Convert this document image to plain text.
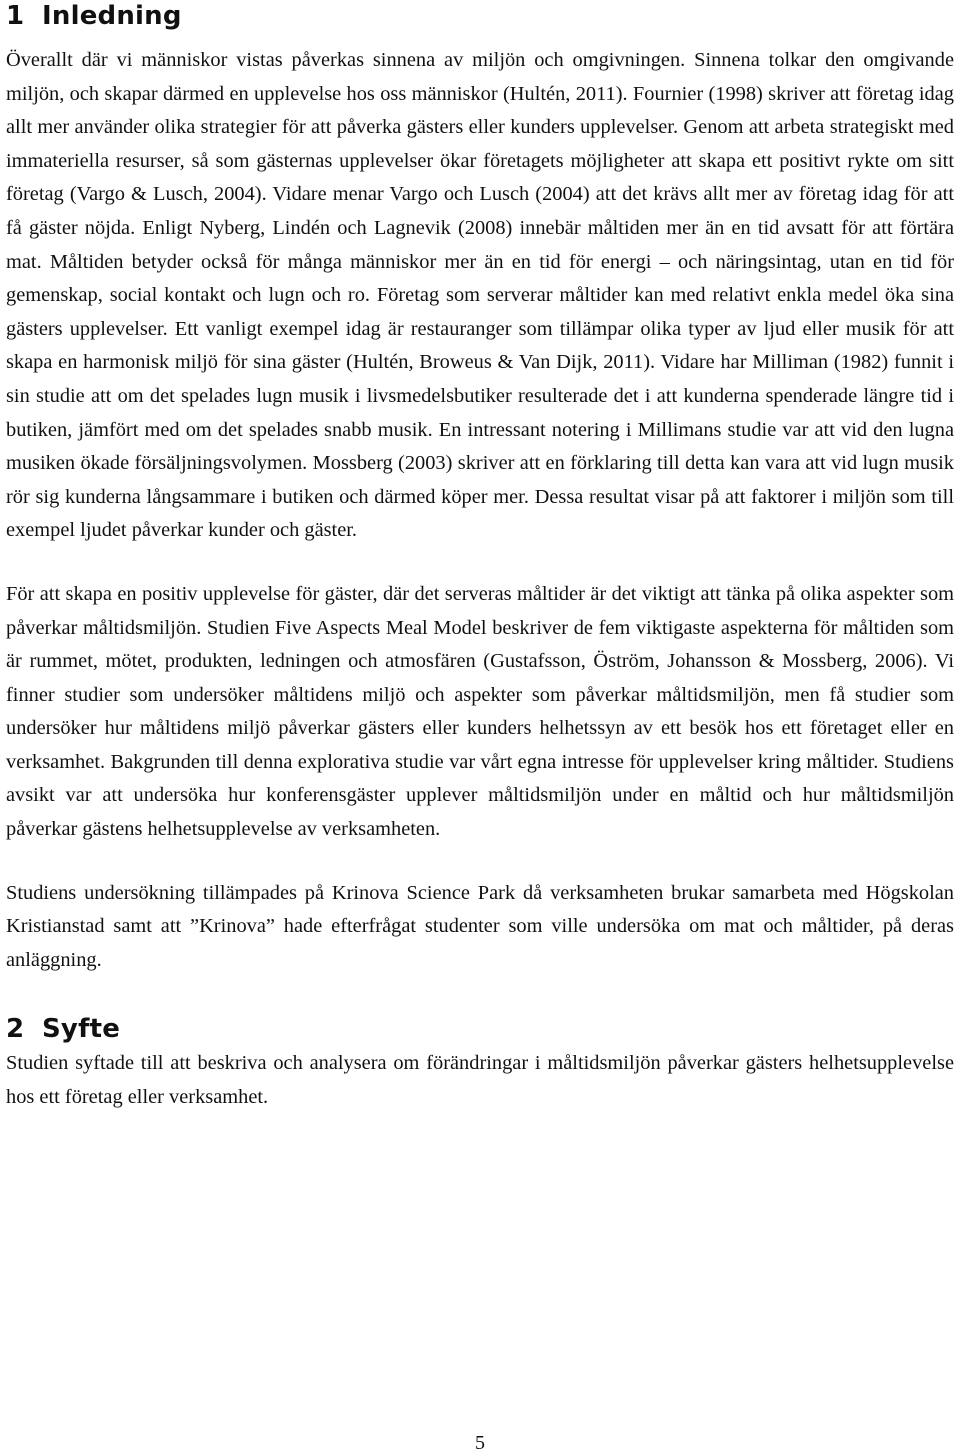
1 Inledning

Överallt där vi människor vistas påverkas sinnena av miljön och omgivningen. Sinnena tolkar den omgivande miljön, och skapar därmed en upplevelse hos oss människor (Hultén, 2011). Fournier (1998) skriver att företag idag allt mer använder olika strategier för att påverka gästers eller kunders upplevelser. Genom att arbeta strategiskt med immateriella resurser, så som gästernas upplevelser ökar företagets möjligheter att skapa ett positivt rykte om sitt företag (Vargo & Lusch, 2004). Vidare menar Vargo och Lusch (2004) att det krävs allt mer av företag idag för att få gäster nöjda. Enligt Nyberg, Lindén och Lagnevik (2008) innebär måltiden mer än en tid avsatt för att förtära mat. Måltiden betyder också för många människor mer än en tid för energi – och näringsintag, utan en tid för gemenskap, social kontakt och lugn och ro. Företag som serverar måltider kan med relativt enkla medel öka sina gästers upplevelser. Ett vanligt exempel idag är restauranger som tillämpar olika typer av ljud eller musik för att skapa en harmonisk miljö för sina gäster (Hultén, Broweus & Van Dijk, 2011). Vidare har Milliman (1982) funnit i sin studie att om det spelades lugn musik i livsmedelsbutiker resulterade det i att kunderna spenderade längre tid i butiken, jämfört med om det spelades snabb musik. En intressant notering i Millimans studie var att vid den lugna musiken ökade försäljningsvolymen. Mossberg (2003) skriver att en förklaring till detta kan vara att vid lugn musik rör sig kunderna långsammare i butiken och därmed köper mer. Dessa resultat visar på att faktorer i miljön som till exempel ljudet påverkar kunder och gäster.

För att skapa en positiv upplevelse för gäster, där det serveras måltider är det viktigt att tänka på olika aspekter som påverkar måltidsmiljön. Studien Five Aspects Meal Model beskriver de fem viktigaste aspekterna för måltiden som är rummet, mötet, produkten, ledningen och atmosfären (Gustafsson, Öström, Johansson & Mossberg, 2006). Vi finner studier som undersöker måltidens miljö och aspekter som påverkar måltidsmiljön, men få studier som undersöker hur måltidens miljö påverkar gästers eller kunders helhetssyn av ett besök hos ett företaget eller en verksamhet. Bakgrunden till denna explorativa studie var vårt egna intresse för upplevelser kring måltider. Studiens avsikt var att undersöka hur konferensgäster upplever måltidsmiljön under en måltid och hur måltidsmiljön påverkar gästens helhetsupplevelse av verksamheten.

Studiens undersökning tillämpades på Krinova Science Park då verksamheten brukar samarbeta med Högskolan Kristianstad samt att ”Krinova” hade efterfrågat studenter som ville undersöka om mat och måltider, på deras anläggning.

2 Syfte

Studien syftade till att beskriva och analysera om förändringar i måltidsmiljön påverkar gästers helhetsupplevelse hos ett företag eller verksamhet.

5
